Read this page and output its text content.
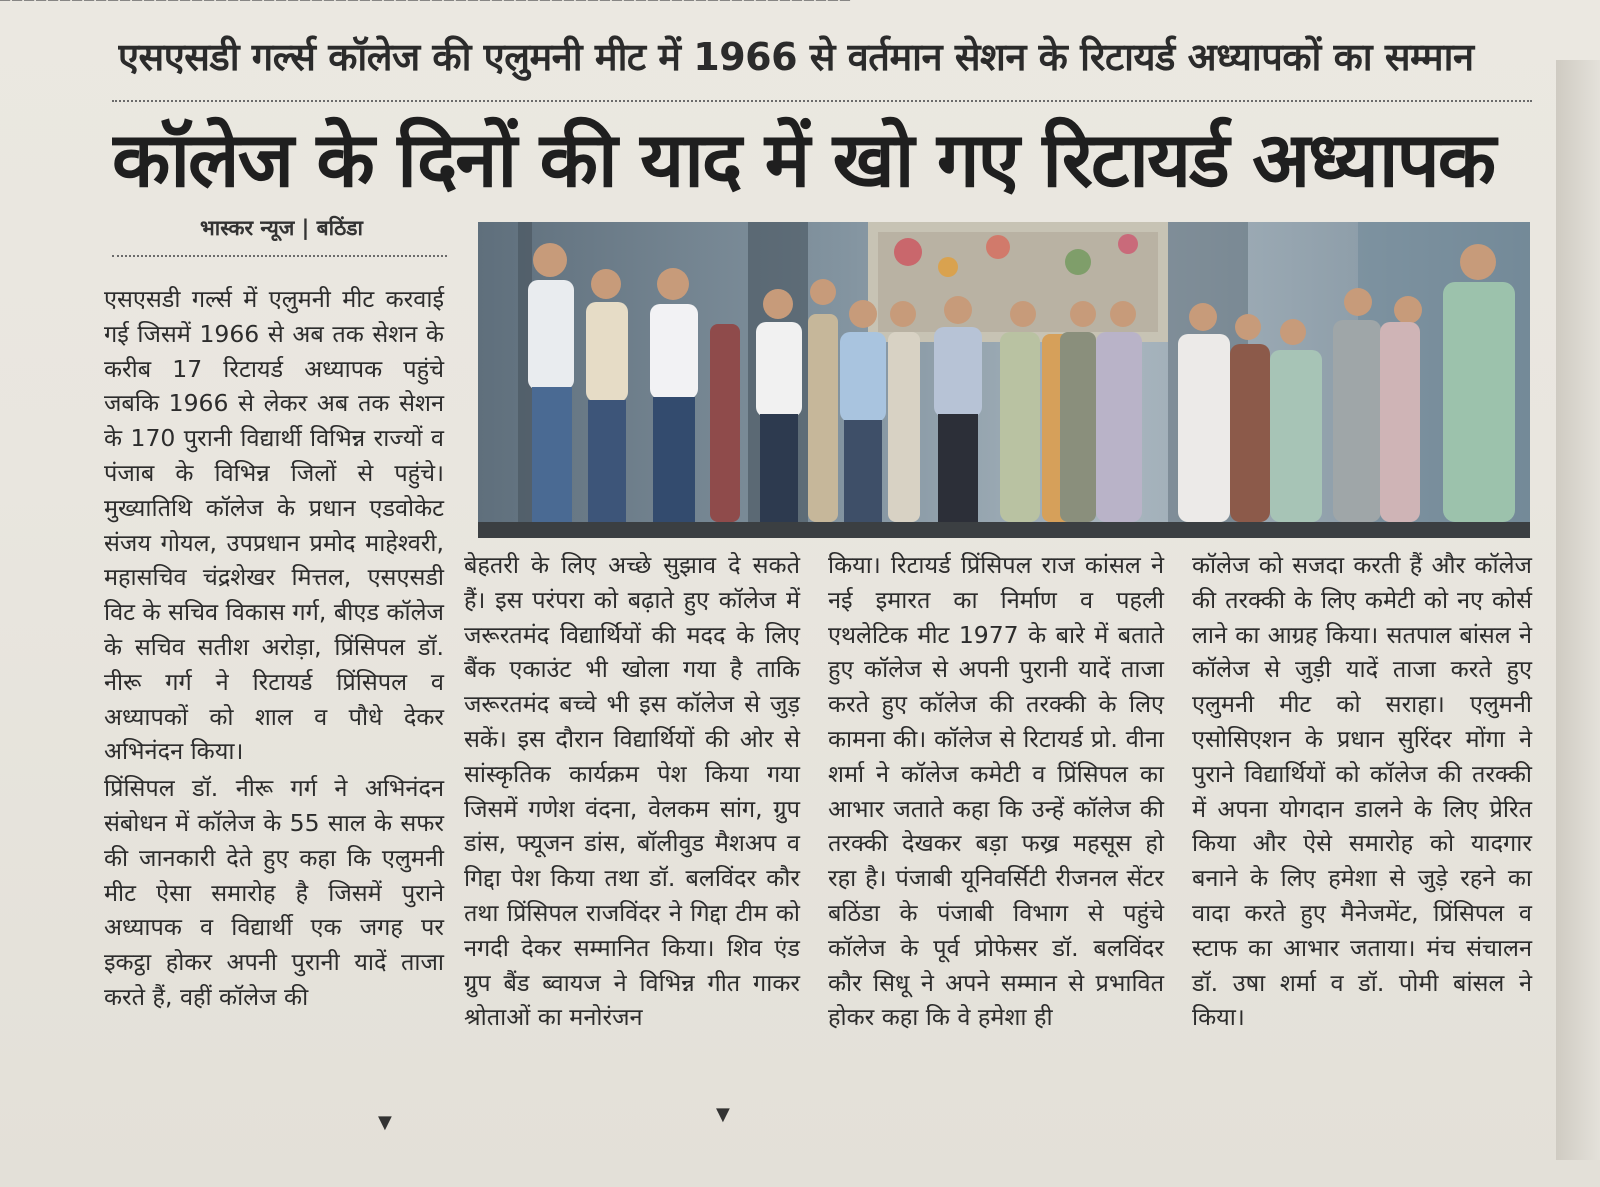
▔▔▔▔▔▔▔▔▔▔▔▔▔▔▔▔▔▔▔▔▔▔▔▔▔▔▔▔▔▔▔▔▔▔▔▔▔▔▔▔▔▔▔▔▔▔▔▔▔▔▔▔▔▔▔▔▔▔▔▔▔▔▔▔▔▔▔▔▔▔▔
एसएसडी गर्ल्स कॉलेज की एलुमनी मीट में 1966 से वर्तमान सेशन के रिटायर्ड अध्यापकों का सम्मान
कॉलेज के दिनों की याद में खो गए रिटायर्ड अध्यापक
भास्कर न्यूज | बठिंडा

एसएसडी गर्ल्स में एलुमनी मीट करवाई गई जिसमें 1966 से अब तक सेशन के करीब 17 रिटायर्ड अध्यापक पहुंचे जबकि 1966 से लेकर अब तक सेशन के 170 पुरानी विद्यार्थी विभिन्न राज्यों व पंजाब के विभिन्न जिलों से पहुंचे। मुख्यातिथि कॉलेज के प्रधान एडवोकेट संजय गोयल, उपप्रधान प्रमोद माहेश्वरी, महासचिव चंद्रशेखर मित्तल, एसएसडी विट के सचिव विकास गर्ग, बीएड कॉलेज के सचिव सतीश अरोड़ा, प्रिंसिपल डॉ. नीरू गर्ग ने रिटायर्ड प्रिंसिपल व अध्यापकों को शाल व पौधे देकर अभिनंदन किया।

प्रिंसिपल डॉ. नीरू गर्ग ने अभिनंदन संबोधन में कॉलेज के 55 साल के सफर की जानकारी देते हुए कहा कि एलुमनी मीट ऐसा समारोह है जिसमें पुराने अध्यापक व विद्यार्थी एक जगह पर इकट्ठा होकर अपनी पुरानी यादें ताजा करते हैं, वहीं कॉलेज की

बेहतरी के लिए अच्छे सुझाव दे सकते हैं। इस परंपरा को बढ़ाते हुए कॉलेज में जरूरतमंद विद्यार्थियों की मदद के लिए बैंक एकाउंट भी खोला गया है ताकि जरूरतमंद बच्चे भी इस कॉलेज से जुड़ सकें। इस दौरान विद्यार्थियों की ओर से सांस्कृतिक कार्यक्रम पेश किया गया जिसमें गणेश वंदना, वेलकम सांग, ग्रुप डांस, फ्यूजन डांस, बॉलीवुड मैशअप व गिद्दा पेश किया तथा डॉ. बलविंदर कौर तथा प्रिंसिपल राजविंदर ने गिद्दा टीम को नगदी देकर सम्मानित किया। शिव एंड ग्रुप बैंड ब्वायज ने विभिन्न गीत गाकर श्रोताओं का मनोरंजन

किया। रिटायर्ड प्रिंसिपल राज कांसल ने नई इमारत का निर्माण व पहली एथलेटिक मीट 1977 के बारे में बताते हुए कॉलेज से अपनी पुरानी यादें ताजा करते हुए कॉलेज की तरक्की के लिए कामना की। कॉलेज से रिटायर्ड प्रो. वीना शर्मा ने कॉलेज कमेटी व प्रिंसिपल का आभार जताते कहा कि उन्हें कॉलेज की तरक्की देखकर बड़ा फख्र महसूस हो रहा है। पंजाबी यूनिवर्सिटी रीजनल सेंटर बठिंडा के पंजाबी विभाग से पहुंचे कॉलेज के पूर्व प्रोफेसर डॉ. बलविंदर कौर सिधू ने अपने सम्मान से प्रभावित होकर कहा कि वे हमेशा ही

कॉलेज को सजदा करती हैं और कॉलेज की तरक्की के लिए कमेटी को नए कोर्स लाने का आग्रह किया। सतपाल बांसल ने कॉलेज से जुड़ी यादें ताजा करते हुए एलुमनी मीट को सराहा। एलुमनी एसोसिएशन के प्रधान सुरिंदर मोंगा ने पुराने विद्यार्थियों को कॉलेज की तरक्की में अपना योगदान डालने के लिए प्रेरित किया और ऐसे समारोह को यादगार बनाने के लिए हमेशा से जुड़े रहने का वादा करते हुए मैनेजमेंट, प्रिंसिपल व स्टाफ का आभार जताया। मंच संचालन डॉ. उषा शर्मा व डॉ. पोमी बांसल ने किया।

▼	▼
